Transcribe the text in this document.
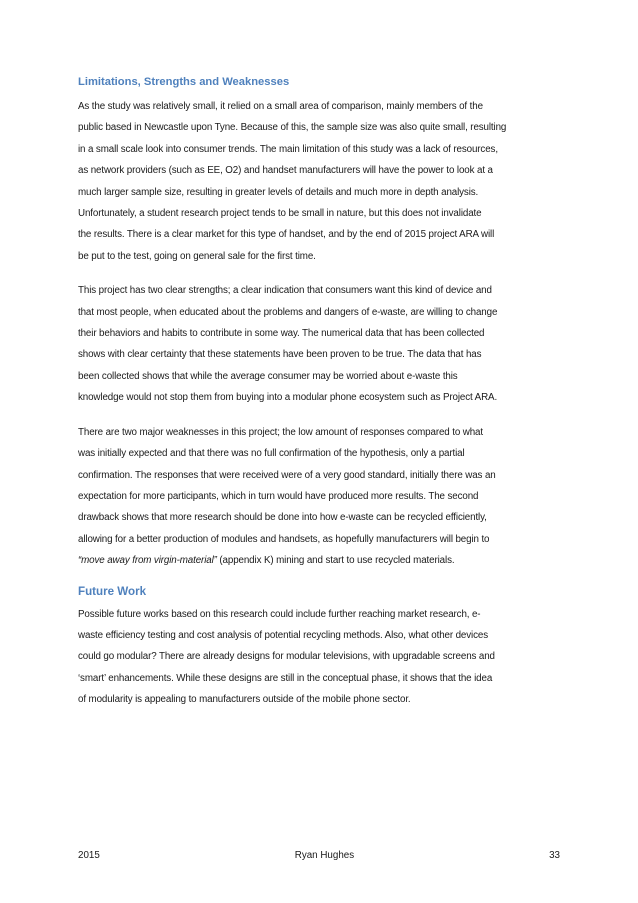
Limitations, Strengths and Weaknesses

As the study was relatively small, it relied on a small area of comparison, mainly members of the
public based in Newcastle upon Tyne. Because of this, the sample size was also quite small, resulting
in a small scale look into consumer trends. The main limitation of this study was a lack of resources,
as network providers (such as EE, O2) and handset manufacturers will have the power to look at a
much larger sample size, resulting in greater levels of details and much more in depth analysis.
Unfortunately, a student research project tends to be small in nature, but this does not invalidate
the results. There is a clear market for this type of handset, and by the end of 2015 project ARA will
be put to the test, going on general sale for the first time.

This project has two clear strengths; a clear indication that consumers want this kind of device and
that most people, when educated about the problems and dangers of e-waste, are willing to change
their behaviors and habits to contribute in some way. The numerical data that has been collected
shows with clear certainty that these statements have been proven to be true. The data that has
been collected shows that while the average consumer may be worried about e-waste this
knowledge would not stop them from buying into a modular phone ecosystem such as Project ARA.

There are two major weaknesses in this project; the low amount of responses compared to what
was initially expected and that there was no full confirmation of the hypothesis, only a partial
confirmation. The responses that were received were of a very good standard, initially there was an
expectation for more participants, which in turn would have produced more results. The second
drawback shows that more research should be done into how e-waste can be recycled efficiently,
allowing for a better production of modules and handsets, as hopefully manufacturers will begin to
“move away from virgin-material” (appendix K) mining and start to use recycled materials.

Future Work

Possible future works based on this research could include further reaching market research, e-
waste efficiency testing and cost analysis of potential recycling methods. Also, what other devices
could go modular? There are already designs for modular televisions, with upgradable screens and
‘smart’ enhancements. While these designs are still in the conceptual phase, it shows that the idea
of modularity is appealing to manufacturers outside of the mobile phone sector.

2015	Ryan Hughes	33
